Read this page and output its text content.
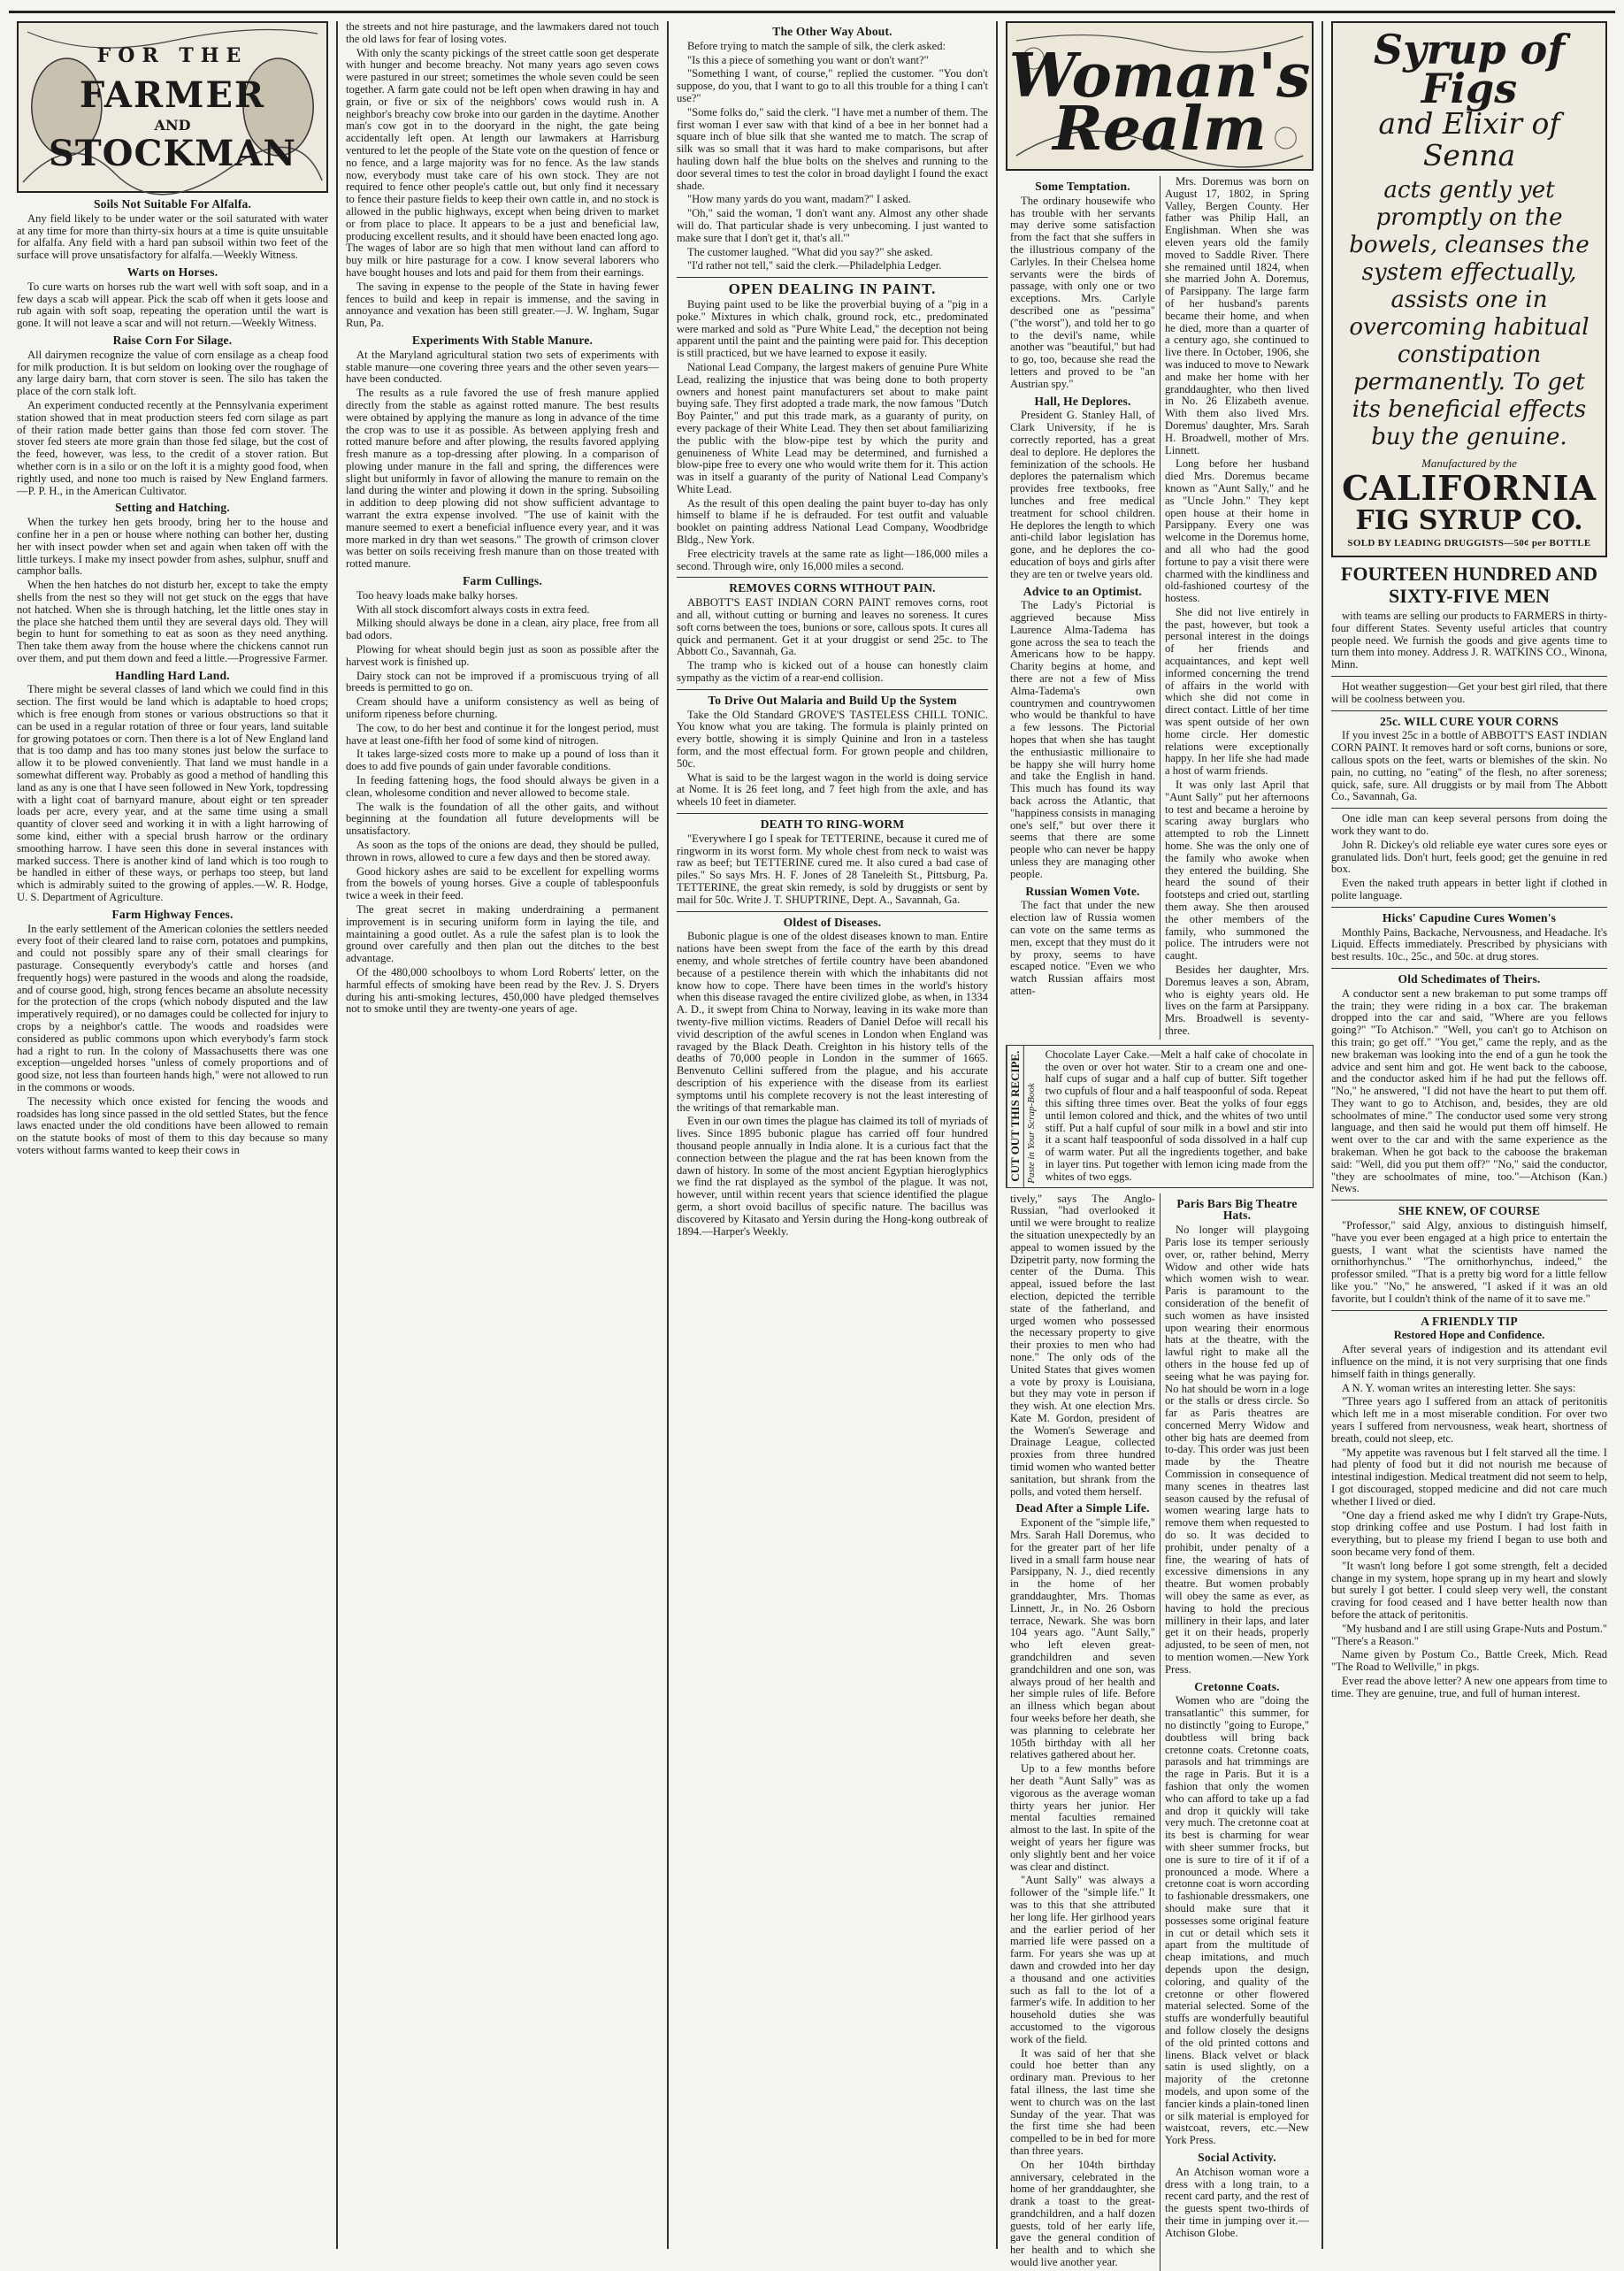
FOR THE
FARMER
AND
STOCKMAN
Soils Not Suitable For Alfalfa.

Any field likely to be under water or the soil saturated with water at any time for more than thirty-six hours at a time is quite unsuitable for alfalfa. Any field with a hard pan subsoil within two feet of the surface will prove unsatisfactory for alfalfa.—Weekly Witness.

Warts on Horses.

To cure warts on horses rub the wart well with soft soap, and in a few days a scab will appear. Pick the scab off when it gets loose and rub again with soft soap, repeating the operation until the wart is gone. It will not leave a scar and will not return.—Weekly Witness.

Raise Corn For Silage.

All dairymen recognize the value of corn ensilage as a cheap food for milk production. It is but seldom on looking over the roughage of any large dairy barn, that corn stover is seen. The silo has taken the place of the corn stalk loft.

An experiment conducted recently at the Pennsylvania experiment station showed that in meat production steers fed corn silage as part of their ration made better gains than those fed corn stover. The stover fed steers ate more grain than those fed silage, but the cost of the feed, however, was less, to the credit of a stover ration. But whether corn is in a silo or on the loft it is a mighty good food, when rightly used, and none too much is raised by New England farmers.—P. P. H., in the American Cultivator.

Setting and Hatching.

When the turkey hen gets broody, bring her to the house and confine her in a pen or house where nothing can bother her, dusting her with insect powder when set and again when taken off with the little turkeys. I make my insect powder from ashes, sulphur, snuff and camphor balls.

When the hen hatches do not disturb her, except to take the empty shells from the nest so they will not get stuck on the eggs that have not hatched. When she is through hatching, let the little ones stay in the place she hatched them until they are several days old. They will begin to hunt for something to eat as soon as they need anything. Then take them away from the house where the chickens cannot run over them, and put them down and feed a little.—Progressive Farmer.

Handling Hard Land.

There might be several classes of land which we could find in this section. The first would be land which is adaptable to hoed crops; which is free enough from stones or various obstructions so that it can be used in a regular rotation of three or four years, land suitable for growing potatoes or corn. Then there is a lot of New England land that is too damp and has too many stones just below the surface to allow it to be plowed conveniently. That land we must handle in a somewhat different way. Probably as good a method of handling this land as any is one that I have seen followed in New York, topdressing with a light coat of barnyard manure, about eight or ten spreader loads per acre, every year, and at the same time using a small quantity of clover seed and working it in with a light harrowing of some kind, either with a special brush harrow or the ordinary smoothing harrow. I have seen this done in several instances with marked success. There is another kind of land which is too rough to be handled in either of these ways, or perhaps too steep, but land which is admirably suited to the growing of apples.—W. R. Hodge, U. S. Department of Agriculture.

Farm Highway Fences.

In the early settlement of the American colonies the settlers needed every foot of their cleared land to raise corn, potatoes and pumpkins, and could not possibly spare any of their small clearings for pasturage. Consequently everybody's cattle and horses (and frequently hogs) were pastured in the woods and along the roadside, and of course good, high, strong fences became an absolute necessity for the protection of the crops (which nobody disputed and the law imperatively required), or no damages could be collected for injury to crops by a neighbor's cattle. The woods and roadsides were considered as public commons upon which everybody's farm stock had a right to run. In the colony of Massachusetts there was one exception—ungelded horses "unless of comely proportions and of good size, not less than fourteen hands high," were not allowed to run in the commons or woods.

The necessity which once existed for fencing the woods and roadsides has long since passed in the old settled States, but the fence laws enacted under the old conditions have been allowed to remain on the statute books of most of them to this day because so many voters without farms wanted to keep their cows in

the streets and not hire pasturage, and the lawmakers dared not touch the old laws for fear of losing votes.

With only the scanty pickings of the street cattle soon get desperate with hunger and become breachy. Not many years ago seven cows were pastured in our street; sometimes the whole seven could be seen together. A farm gate could not be left open when drawing in hay and grain, or five or six of the neighbors' cows would rush in. A neighbor's breachy cow broke into our garden in the daytime. Another man's cow got in to the dooryard in the night, the gate being accidentally left open. At length our lawmakers at Harrisburg ventured to let the people of the State vote on the question of fence or no fence, and a large majority was for no fence. As the law stands now, everybody must take care of his own stock. They are not required to fence other people's cattle out, but only find it necessary to fence their pasture fields to keep their own cattle in, and no stock is allowed in the public highways, except when being driven to market or from place to place. It appears to be a just and beneficial law, producing excellent results, and it should have been enacted long ago. The wages of labor are so high that men without land can afford to buy milk or hire pasturage for a cow. I know several laborers who have bought houses and lots and paid for them from their earnings.

The saving in expense to the people of the State in having fewer fences to build and keep in repair is immense, and the saving in annoyance and vexation has been still greater.—J. W. Ingham, Sugar Run, Pa.

Experiments With Stable Manure.

At the Maryland agricultural station two sets of experiments with stable manure—one covering three years and the other seven years—have been conducted.

The results as a rule favored the use of fresh manure applied directly from the stable as against rotted manure. The best results were obtained by applying the manure as long in advance of the time the crop was to use it as possible. As between applying fresh and rotted manure before and after plowing, the results favored applying fresh manure as a top-dressing after plowing. In a comparison of plowing under manure in the fall and spring, the differences were slight but uniformly in favor of allowing the manure to remain on the land during the winter and plowing it down in the spring. Subsoiling in addition to deep plowing did not show sufficient advantage to warrant the extra expense involved. "The use of kainit with the manure seemed to exert a beneficial influence every year, and it was more marked in dry than wet seasons." The growth of crimson clover was better on soils receiving fresh manure than on those treated with rotted manure.

Farm Cullings.

Too heavy loads make balky horses.

With all stock discomfort always costs in extra feed.

Milking should always be done in a clean, airy place, free from all bad odors.

Plowing for wheat should begin just as soon as possible after the harvest work is finished up.

Dairy stock can not be improved if a promiscuous trying of all breeds is permitted to go on.

Cream should have a uniform consistency as well as being of uniform ripeness before churning.

The cow, to do her best and continue it for the longest period, must have at least one-fifth her food of some kind of nitrogen.

It takes large-sized costs more to make up a pound of loss than it does to add five pounds of gain under favorable conditions.

In feeding fattening hogs, the food should always be given in a clean, wholesome condition and never allowed to become stale.

The walk is the foundation of all the other gaits, and without beginning at the foundation all future developments will be unsatisfactory.

As soon as the tops of the onions are dead, they should be pulled, thrown in rows, allowed to cure a few days and then be stored away.

Good hickory ashes are said to be excellent for expelling worms from the bowels of young horses. Give a couple of tablespoonfuls twice a week in their feed.

The great secret in making underdraining a permanent improvement is in securing uniform form in laying the tile, and maintaining a good outlet. As a rule the safest plan is to look the ground over carefully and then plan out the ditches to the best advantage.

Of the 480,000 schoolboys to whom Lord Roberts' letter, on the harmful effects of smoking have been read by the Rev. J. S. Dryers during his anti-smoking lectures, 450,000 have pledged themselves not to smoke until they are twenty-one years of age.

The Other Way About.

Before trying to match the sample of silk, the clerk asked:

"Is this a piece of something you want or don't want?"

"Something I want, of course," replied the customer. "You don't suppose, do you, that I want to go to all this trouble for a thing I can't use?"

"Some folks do," said the clerk. "I have met a number of them. The first woman I ever saw with that kind of a bee in her bonnet had a square inch of blue silk that she wanted me to match. The scrap of silk was so small that it was hard to make comparisons, but after hauling down half the blue bolts on the shelves and running to the door several times to test the color in broad daylight I found the exact shade.

"How many yards do you want, madam?" I asked.

"Oh," said the woman, 'I don't want any. Almost any other shade will do. That particular shade is very unbecoming. I just wanted to make sure that I don't get it, that's all.'"

The customer laughed. "What did you say?" she asked.

"I'd rather not tell," said the clerk.—Philadelphia Ledger.

OPEN DEALING IN PAINT.

Buying paint used to be like the proverbial buying of a "pig in a poke." Mixtures in which chalk, ground rock, etc., predominated were marked and sold as "Pure White Lead," the deception not being apparent until the paint and the painting were paid for. This deception is still practiced, but we have learned to expose it easily.

National Lead Company, the largest makers of genuine Pure White Lead, realizing the injustice that was being done to both property owners and honest paint manufacturers set about to make paint buying safe. They first adopted a trade mark, the now famous "Dutch Boy Painter," and put this trade mark, as a guaranty of purity, on every package of their White Lead. They then set about familiarizing the public with the blow-pipe test by which the purity and genuineness of White Lead may be determined, and furnished a blow-pipe free to every one who would write them for it. This action was in itself a guaranty of the purity of National Lead Company's White Lead.

As the result of this open dealing the paint buyer to-day has only himself to blame if he is defrauded. For test outfit and valuable booklet on painting address National Lead Company, Woodbridge Bldg., New York.

Free electricity travels at the same rate as light—186,000 miles a second. Through wire, only 16,000 miles a second.

REMOVES CORNS WITHOUT PAIN.

ABBOTT'S EAST INDIAN CORN PAINT removes corns, root and all, without cutting or burning and leaves no soreness. It cures soft corns between the toes, bunions or sore, callous spots. It cures all quick and permanent. Get it at your druggist or send 25c. to The Abbott Co., Savannah, Ga.

The tramp who is kicked out of a house can honestly claim sympathy as the victim of a rear-end collision.

To Drive Out Malaria and Build Up the System

Take the Old Standard GROVE'S TASTELESS CHILL TONIC. You know what you are taking. The formula is plainly printed on every bottle, showing it is simply Quinine and Iron in a tasteless form, and the most effectual form. For grown people and children, 50c.

What is said to be the largest wagon in the world is doing service at Nome. It is 26 feet long, and 7 feet high from the axle, and has wheels 10 feet in diameter.

DEATH TO RING-WORM

"Everywhere I go I speak for TETTERINE, because it cured me of ringworm in its worst form. My whole chest from neck to waist was raw as beef; but TETTERINE cured me. It also cured a bad case of piles." So says Mrs. H. F. Jones of 28 Taneleith St., Pittsburg, Pa. TETTERINE, the great skin remedy, is sold by druggists or sent by mail for 50c. Write J. T. SHUPTRINE, Dept. A., Savannah, Ga.

Oldest of Diseases.

Bubonic plague is one of the oldest diseases known to man. Entire nations have been swept from the face of the earth by this dread enemy, and whole stretches of fertile country have been abandoned because of a pestilence therein with which the inhabitants did not know how to cope. There have been times in the world's history when this disease ravaged the entire civilized globe, as when, in 1334 A. D., it swept from China to Norway, leaving in its wake more than twenty-five million victims. Readers of Daniel Defoe will recall his vivid description of the awful scenes in London when England was ravaged by the Black Death. Creighton in his history tells of the deaths of 70,000 people in London in the summer of 1665. Benvenuto Cellini suffered from the plague, and his accurate description of his experience with the disease from its earliest symptoms until his complete recovery is not the least interesting of the writings of that remarkable man.

Even in our own times the plague has claimed its toll of myriads of lives. Since 1895 bubonic plague has carried off four hundred thousand people annually in India alone. It is a curious fact that the connection between the plague and the rat has been known from the dawn of history. In some of the most ancient Egyptian hieroglyphics we find the rat displayed as the symbol of the plague. It was not, however, until within recent years that science identified the plague germ, a short ovoid bacillus of specific nature. The bacillus was discovered by Kitasato and Yersin during the Hong-kong outbreak of 1894.—Harper's Weekly.

Woman's Realm
Some Temptation.

The ordinary housewife who has trouble with her servants may derive some satisfaction from the fact that she suffers in the illustrious company of the Carlyles. In their Chelsea home servants were the birds of passage, with only one or two exceptions. Mrs. Carlyle described one as "pessima" ("the worst"), and told her to go to the devil's name, while another was "beautiful," but had to go, too, because she read the letters and proved to be "an Austrian spy."

Hall, He Deplores.

President G. Stanley Hall, of Clark University, if he is correctly reported, has a great deal to deplore. He deplores the feminization of the schools. He deplores the paternalism which provides free textbooks, free lunches and free medical treatment for school children. He deplores the length to which anti-child labor legislation has gone, and he deplores the co-education of boys and girls after they are ten or twelve years old.

Advice to an Optimist.

The Lady's Pictorial is aggrieved because Miss Laurence Alma-Tadema has gone across the sea to teach the Americans how to be happy. Charity begins at home, and there are not a few of Miss Alma-Tadema's own countrymen and countrywomen who would be thankful to have a few lessons. The Pictorial hopes that when she has taught the enthusiastic millionaire to be happy she will hurry home and take the English in hand. This much has found its way back across the Atlantic, that "happiness consists in managing one's self," but over there it seems that there are some people who can never be happy unless they are managing other people.

Russian Women Vote.

The fact that under the new election law of Russia women can vote on the same terms as men, except that they must do it by proxy, seems to have escaped notice. "Even we who watch Russian affairs most atten-

Mrs. Doremus was born on August 17, 1802, in Spring Valley, Bergen County. Her father was Philip Hall, an Englishman. When she was eleven years old the family moved to Saddle River. There she remained until 1824, when she married John A. Doremus, of Parsippany. The large farm of her husband's parents became their home, and when he died, more than a quarter of a century ago, she continued to live there. In October, 1906, she was induced to move to Newark and make her home with her granddaughter, who then lived in No. 26 Elizabeth avenue. With them also lived Mrs. Doremus' daughter, Mrs. Sarah H. Broadwell, mother of Mrs. Linnett.

Long before her husband died Mrs. Doremus became known as "Aunt Sally," and he as "Uncle John." They kept open house at their home in Parsippany. Every one was welcome in the Doremus home, and all who had the good fortune to pay a visit there were charmed with the kindliness and old-fashioned courtesy of the hostess.

She did not live entirely in the past, however, but took a personal interest in the doings of her friends and acquaintances, and kept well informed concerning the trend of affairs in the world with which she did not come in direct contact. Little of her time was spent outside of her own home circle. Her domestic relations were exceptionally happy. In her life she had made a host of warm friends.

It was only last April that "Aunt Sally" put her afternoons to test and became a heroine by scaring away burglars who attempted to rob the Linnett home. She was the only one of the family who awoke when they entered the building. She heard the sound of their footsteps and cried out, startling them away. She then aroused the other members of the family, who summoned the police. The intruders were not caught.

Besides her daughter, Mrs. Doremus leaves a son, Abram, who is eighty years old. He lives on the farm at Parsippany. Mrs. Broadwell is seventy-three.

CUT OUT THIS RECIPE. Paste in Your Scrap-Book
Chocolate Layer Cake.—Melt a half cake of chocolate in the oven or over hot water. Stir to a cream one and one-half cups of sugar and a half cup of butter. Sift together two cupfuls of flour and a half teaspoonful of soda. Repeat this sifting three times over. Beat the yolks of four eggs until lemon colored and thick, and the whites of two until stiff. Put a half cupful of sour milk in a bowl and stir into it a scant half teaspoonful of soda dissolved in a half cup of warm water. Put all the ingredients together, and bake in layer tins. Put together with lemon icing made from the whites of two eggs.

tively," says The Anglo-Russian, "had overlooked it until we were brought to realize the situation unexpectedly by an appeal to women issued by the Dzipetrit party, now forming the center of the Duma. This appeal, issued before the last election, depicted the terrible state of the fatherland, and urged women who possessed the necessary property to give their proxies to men who had none." The only ods of the United States that gives women a vote by proxy is Louisiana, but they may vote in person if they wish. At one election Mrs. Kate M. Gordon, president of the Women's Sewerage and Drainage League, collected proxies from three hundred timid women who wanted better sanitation, but shrank from the polls, and voted them herself.

Dead After a Simple Life.

Exponent of the "simple life," Mrs. Sarah Hall Doremus, who for the greater part of her life lived in a small farm house near Parsippany, N. J., died recently in the home of her granddaughter, Mrs. Thomas Linnett, Jr., in No. 26 Osborn terrace, Newark. She was born 104 years ago. "Aunt Sally," who left eleven great-grandchildren and seven grandchildren and one son, was always proud of her health and her simple rules of life. Before an illness which began about four weeks before her death, she was planning to celebrate her 105th birthday with all her relatives gathered about her.

Up to a few months before her death "Aunt Sally" was as vigorous as the average woman thirty years her junior. Her mental faculties remained almost to the last. In spite of the weight of years her figure was only slightly bent and her voice was clear and distinct.

"Aunt Sally" was always a follower of the "simple life." It was to this that she attributed her long life. Her girlhood years and the earlier period of her married life were passed on a farm. For years she was up at dawn and crowded into her day a thousand and one activities such as fall to the lot of a farmer's wife. In addition to her household duties she was accustomed to the vigorous work of the field.

It was said of her that she could hoe better than any ordinary man. Previous to her fatal illness, the last time she went to church was on the last Sunday of the year. That was the first time she had been compelled to be in bed for more than three years.

On her 104th birthday anniversary, celebrated in the home of her granddaughter, she drank a toast to the great-grandchildren, and a half dozen guests, told of her early life, gave the general condition of her health and to which she would live another year.

Paris Bars Big Theatre Hats.

No longer will playgoing Paris lose its temper seriously over, or, rather behind, Merry Widow and other wide hats which women wish to wear. Paris is paramount to the consideration of the benefit of such women as have insisted upon wearing their enormous hats at the theatre, with the lawful right to make all the others in the house fed up of seeing what he was paying for. No hat should be worn in a loge or the stalls or dress circle. So far as Paris theatres are concerned Merry Widow and other big hats are deemed from to-day. This order was just been made by the Theatre Commission in consequence of many scenes in theatres last season caused by the refusal of women wearing large hats to remove them when requested to do so. It was decided to prohibit, under penalty of a fine, the wearing of hats of excessive dimensions in any theatre. But women probably will obey the same as ever, as having to hold the precious millinery in their laps, and later get it on their heads, properly adjusted, to be seen of men, not to mention women.—New York Press.

Cretonne Coats.

Women who are "doing the transatlantic" this summer, for no distinctly "going to Europe," doubtless will bring back cretonne coats. Cretonne coats, parasols and hat trimmings are the rage in Paris. But it is a fashion that only the women who can afford to take up a fad and drop it quickly will take very much. The cretonne coat at its best is charming for wear with sheer summer frocks, but one is sure to tire of it if of a pronounced a mode. Where a cretonne coat is worn according to fashionable dressmakers, one should make sure that it possesses some original feature in cut or detail which sets it apart from the multitude of cheap imitations, and much depends upon the design, coloring, and quality of the cretonne or other flowered material selected. Some of the stuffs are wonderfully beautiful and follow closely the designs of the old printed cottons and linens. Black velvet or black satin is used slightly, on a majority of the cretonne models, and upon some of the fancier kinds a plain-toned linen or silk material is employed for waistcoat, revers, etc.—New York Press.

Social Activity.

An Atchison woman wore a dress with a long train, to a recent card party, and the rest of the guests spent two-thirds of their time in jumping over it.—Atchison Globe.

Syrup of Figs
and Elixir of Senna
acts gently yet promptly on the bowels, cleanses the system effectually, assists one in overcoming habitual constipation permanently. To get its beneficial effects buy the genuine.
Manufactured by the
CALIFORNIA
FIG SYRUP CO.
SOLD BY LEADING DRUGGISTS—50¢ per BOTTLE
FOURTEEN HUNDRED AND SIXTY-FIVE MEN

with teams are selling our products to FARMERS in thirty-four different States. Seventy useful articles that country people need. We furnish the goods and give agents time to turn them into money. Address J. R. WATKINS CO., Winona, Minn.

Hot weather suggestion—Get your best girl riled, that there will be coolness between you.

25c. WILL CURE YOUR CORNS

If you invest 25c in a bottle of ABBOTT'S EAST INDIAN CORN PAINT. It removes hard or soft corns, bunions or sore, callous spots on the feet, warts or blemishes of the skin. No pain, no cutting, no "eating" of the flesh, no after soreness; quick, safe, sure. All druggists or by mail from The Abbott Co., Savannah, Ga.

One idle man can keep several persons from doing the work they want to do.

John R. Dickey's old reliable eye water cures sore eyes or granulated lids. Don't hurt, feels good; get the genuine in red box.

Even the naked truth appears in better light if clothed in polite language.

Hicks' Capudine Cures Women's

Monthly Pains, Backache, Nervousness, and Headache. It's Liquid. Effects immediately. Prescribed by physicians with best results. 10c., 25c., and 50c. at drug stores.

Old Schedimates of Theirs.

A conductor sent a new brakeman to put some tramps off the train; they were riding in a box car. The brakeman dropped into the car and said, "Where are you fellows going?" "To Atchison." "Well, you can't go to Atchison on this train; go get off." "You get," came the reply, and as the new brakeman was looking into the end of a gun he took the advice and sent him and got. He went back to the caboose, and the conductor asked him if he had put the fellows off. "No," he answered, "I did not have the heart to put them off. They want to go to Atchison, and, besides, they are old schoolmates of mine." The conductor used some very strong language, and then said he would put them off himself. He went over to the car and with the same experience as the brakeman. When he got back to the caboose the brakeman said: "Well, did you put them off?" "No," said the conductor, "they are schoolmates of mine, too."—Atchison (Kan.) News.

SHE KNEW, OF COURSE

"Professor," said Algy, anxious to distinguish himself, "have you ever been engaged at a high price to entertain the guests, I want what the scientists have named the ornithorhynchus." "The ornithorhynchus, indeed," the professor smiled. "That is a pretty big word for a little fellow like you." "No," he answered, "I asked if it was an old favorite, but I couldn't think of the name of it to save me."

A FRIENDLY TIP

Restored Hope and Confidence.

After several years of indigestion and its attendant evil influence on the mind, it is not very surprising that one finds himself faith in things generally.

A N. Y. woman writes an interesting letter. She says:

"Three years ago I suffered from an attack of peritonitis which left me in a most miserable condition. For over two years I suffered from nervousness, weak heart, shortness of breath, could not sleep, etc.

"My appetite was ravenous but I felt starved all the time. I had plenty of food but it did not nourish me because of intestinal indigestion. Medical treatment did not seem to help, I got discouraged, stopped medicine and did not care much whether I lived or died.

"One day a friend asked me why I didn't try Grape-Nuts, stop drinking coffee and use Postum. I had lost faith in everything, but to please my friend I began to use both and soon became very fond of them.

"It wasn't long before I got some strength, felt a decided change in my system, hope sprang up in my heart and slowly but surely I got better. I could sleep very well, the constant craving for food ceased and I have better health now than before the attack of peritonitis.

"My husband and I are still using Grape-Nuts and Postum." "There's a Reason."

Name given by Postum Co., Battle Creek, Mich. Read "The Road to Wellville," in pkgs.

Ever read the above letter? A new one appears from time to time. They are genuine, true, and full of human interest.
